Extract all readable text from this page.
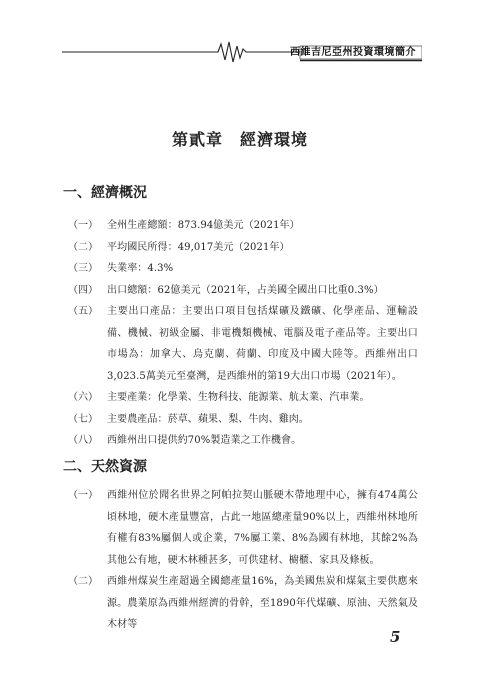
西維吉尼亞州投資環境簡介
第貳章　經濟環境
一、經濟概況
（一） 全州生產總額：873.94億美元（2021年）
（二） 平均國民所得：49,017美元（2021年）
（三） 失業率：4.3%
（四） 出口總額：62億美元（2021年，占美國全國出口比重0.3%）
（五） 主要出口產品：主要出口項目包括煤礦及鐵礦、化學產品、運輸設備、機械、初級金屬、非電機類機械、電腦及電子產品等。主要出口市場為：加拿大、烏克蘭、荷蘭、印度及中國大陸等。西維州出口3,023.5萬美元至臺灣，是西維州的第19大出口市場（2021年）。
（六） 主要產業：化學業、生物科技、能源業、航太業、汽車業。
（七） 主要農產品：菸草、蘋果、梨、牛肉、雞肉。
（八） 西維州出口提供約70%製造業之工作機會。
二、天然資源
（一） 西維州位於聞名世界之阿帕拉契山脈硬木帶地理中心，擁有474萬公頃林地，硬木產量豐富，占此一地區總產量90%以上，西維州林地所有權有83%屬個人或企業，7%屬工業、8%為國有林地，其餘2%為其他公有地，硬木林種甚多，可供建材、櫥櫃、家具及條板。
（二） 西維州煤炭生產超過全國總產量16%，為美國焦炭和煤氣主要供應來源。農業原為西維州經濟的骨幹，至1890年代煤礦、原油、天然氣及木材等
5
